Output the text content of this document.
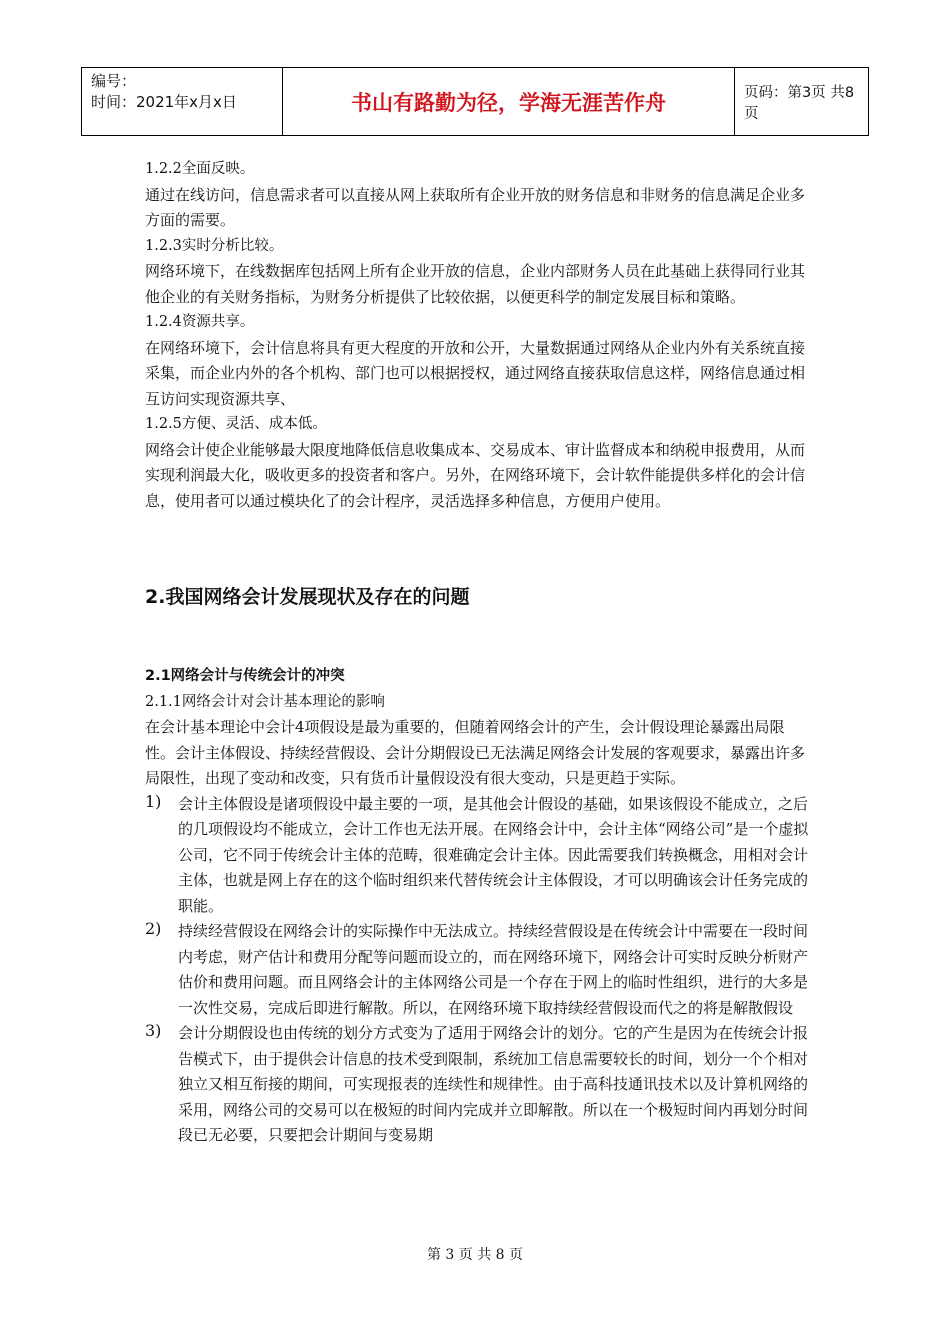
编号：
时间：2021年x月x日	书山有路勤为径，学海无涯苦作舟	页码：第3页 共8页

1.2.2全面反映。

通过在线访问，信息需求者可以直接从网上获取所有企业开放的财务信息和非财务的信息满足企业多方面的需要。

1.2.3实时分析比较。

网络环境下，在线数据库包括网上所有企业开放的信息，企业内部财务人员在此基础上获得同行业其他企业的有关财务指标，为财务分析提供了比较依据，以便更科学的制定发展目标和策略。

1.2.4资源共享。

在网络环境下，会计信息将具有更大程度的开放和公开，大量数据通过网络从企业内外有关系统直接采集，而企业内外的各个机构、部门也可以根据授权，通过网络直接获取信息这样，网络信息通过相互访问实现资源共享、

1.2.5方便、灵活、成本低。

网络会计使企业能够最大限度地降低信息收集成本、交易成本、审计监督成本和纳税申报费用，从而实现利润最大化，吸收更多的投资者和客户。另外，在网络环境下，会计软件能提供多样化的会计信息，使用者可以通过模块化了的会计程序，灵活选择多种信息，方便用户使用。

2.我国网络会计发展现状及存在的问题

2.1网络会计与传统会计的冲突

2.1.1网络会计对会计基本理论的影响

在会计基本理论中会计4项假设是最为重要的，但随着网络会计的产生，会计假设理论暴露出局限性。会计主体假设、持续经营假设、会计分期假设已无法满足网络会计发展的客观要求，暴露出许多局限性，出现了变动和改变，只有货币计量假设没有很大变动，只是更趋于实际。

1) 会计主体假设是诸项假设中最主要的一项，是其他会计假设的基础，如果该假设不能成立，之后的几项假设均不能成立，会计工作也无法开展。在网络会计中，会计主体“网络公司”是一个虚拟公司，它不同于传统会计主体的范畴，很难确定会计主体。因此需要我们转换概念，用相对会计主体，也就是网上存在的这个临时组织来代替传统会计主体假设，才可以明确该会计任务完成的职能。

2) 持续经营假设在网络会计的实际操作中无法成立。持续经营假设是在传统会计中需要在一段时间内考虑，财产估计和费用分配等问题而设立的，而在网络环境下，网络会计可实时反映分析财产估价和费用问题。而且网络会计的主体网络公司是一个存在于网上的临时性组织，进行的大多是一次性交易，完成后即进行解散。所以，在网络环境下取持续经营假设而代之的将是解散假设

3) 会计分期假设也由传统的划分方式变为了适用于网络会计的划分。它的产生是因为在传统会计报告模式下，由于提供会计信息的技术受到限制，系统加工信息需要较长的时间，划分一个个相对独立又相互衔接的期间，可实现报表的连续性和规律性。由于高科技通讯技术以及计算机网络的采用，网络公司的交易可以在极短的时间内完成并立即解散。所以在一个极短时间内再划分时间段已无必要，只要把会计期间与变易期

第 3 页 共 8 页
